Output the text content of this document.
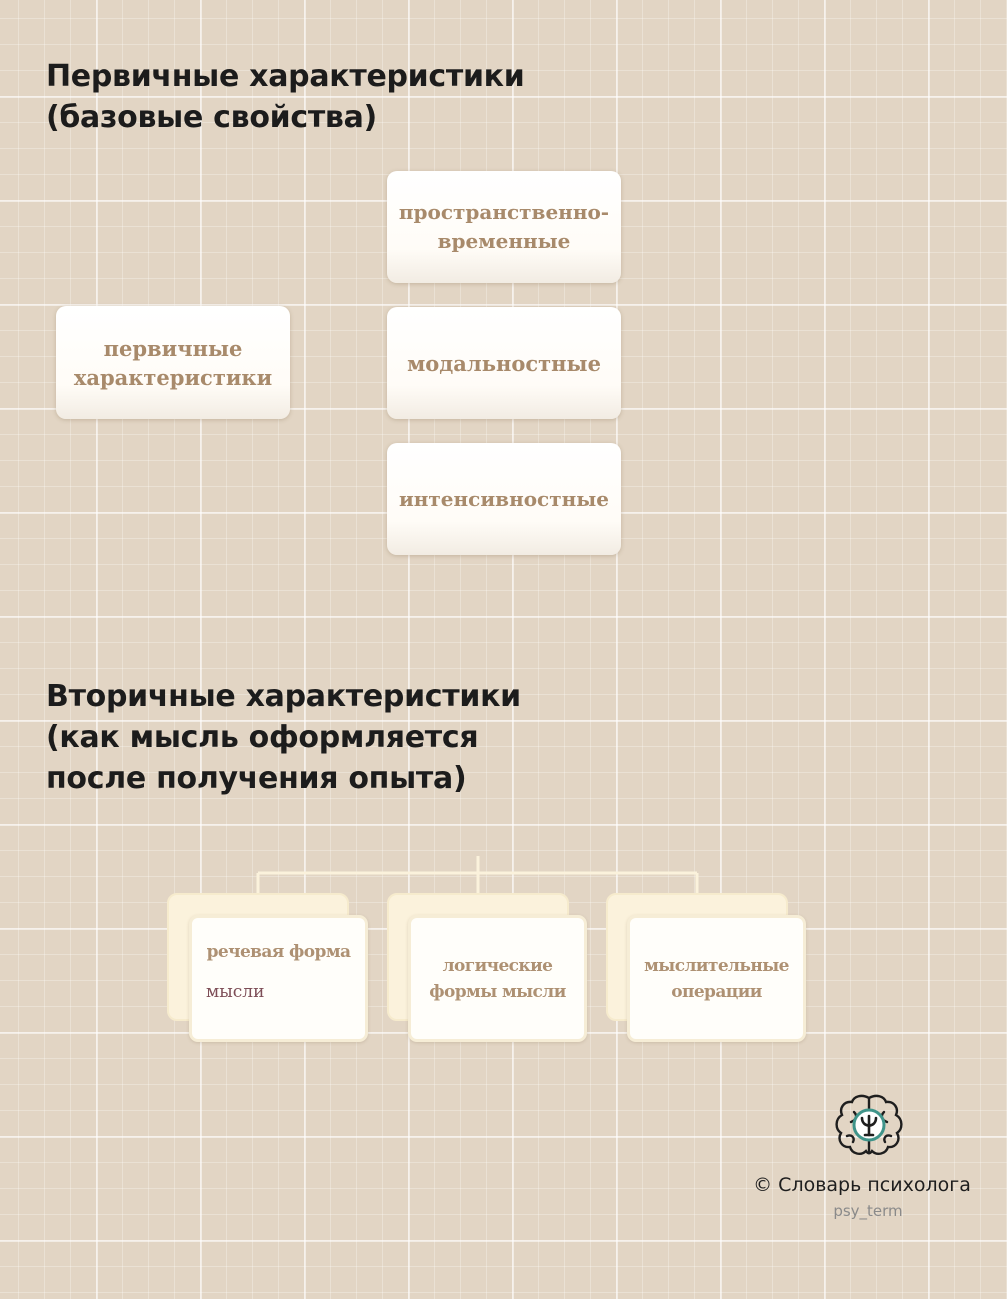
Первичные характеристики
(базовые свойства)
первичные
характеристики
пространственно-
временные
модальностные
интенсивностные
Вторичные характеристики
(как мысль оформляется
после получения опыта)
речевая форма
мысли
логические
формы мысли
мыслительные
операции
© Словарь психолога
psy_term
